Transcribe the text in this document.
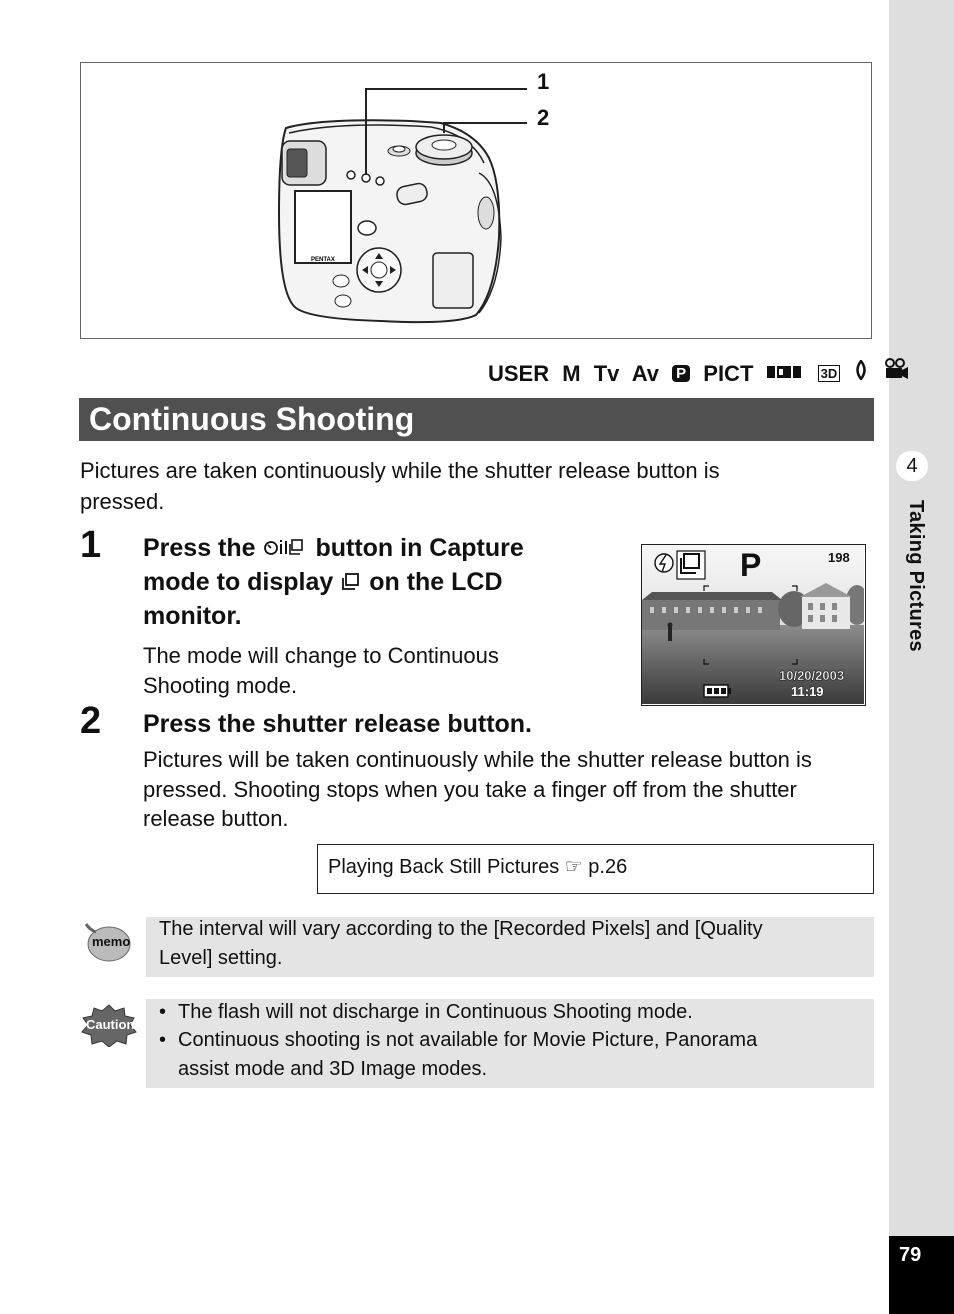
4
Taking Pictures
79
PENTAX
1
2
USER M Tv Av P PICT	3D
Continuous Shooting
Pictures are taken continuously while the shutter release button is
pressed.
1 Press the button in Capture
mode to display on the LCD
monitor.
The mode will change to Continuous
Shooting mode.
P	198
10/20/2003
11:19
2 Press the shutter release button.
Pictures will be taken continuously while the shutter release button is
pressed. Shooting stops when you take a finger off from the shutter
release button.
Playing Back Still Pictures ☞ p.26
memo
The interval will vary according to the [Recorded Pixels] and [Quality
Level] setting.
Caution
• The flash will not discharge in Continuous Shooting mode.
• Continuous shooting is not available for Movie Picture, Panorama
assist mode and 3D Image modes.
